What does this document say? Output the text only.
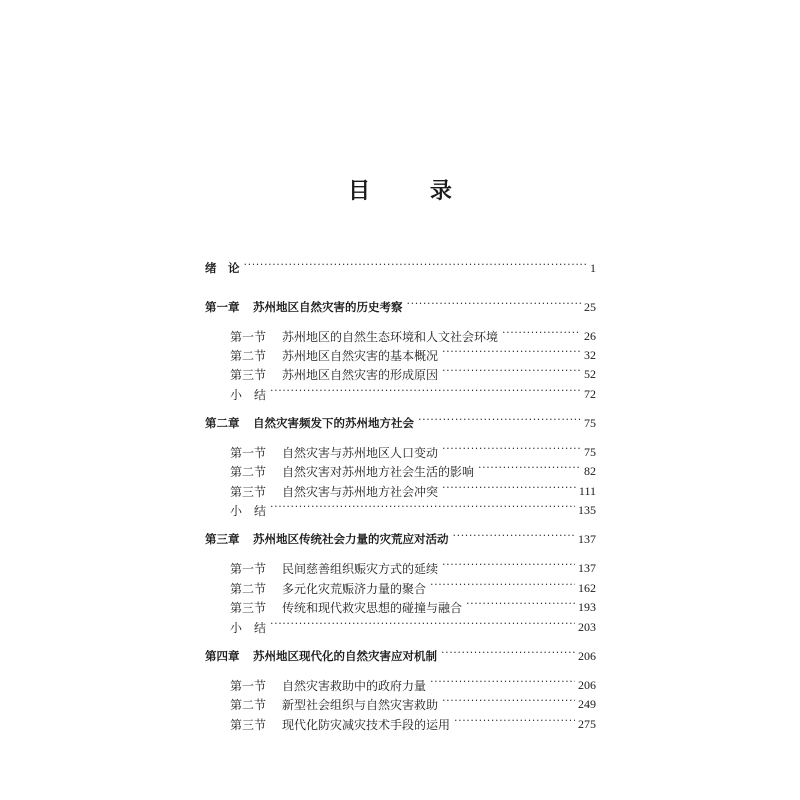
目 录
绪　论 ·····	1
第一章	苏州地区自然灾害的历史考察 ·····	25
第一节	苏州地区的自然生态环境和人文社会环境 ·····	26
第二节	苏州地区自然灾害的基本概况 ·····	32
第三节	苏州地区自然灾害的形成原因 ·····	52
小　结 ·····	72
第二章	自然灾害频发下的苏州地方社会 ·····	75
第一节	自然灾害与苏州地区人口变动 ·····	75
第二节	自然灾害对苏州地方社会生活的影响 ·····	82
第三节	自然灾害与苏州地方社会冲突 ·····	111
小　结 ·····	135
第三章	苏州地区传统社会力量的灾荒应对活动 ·····	137
第一节	民间慈善组织赈灾方式的延续 ·····	137
第二节	多元化灾荒赈济力量的聚合 ·····	162
第三节	传统和现代救灾思想的碰撞与融合 ·····	193
小　结 ·····	203
第四章	苏州地区现代化的自然灾害应对机制 ·····	206
第一节	自然灾害救助中的政府力量 ·····	206
第二节	新型社会组织与自然灾害救助 ·····	249
第三节	现代化防灾减灾技术手段的运用 ·····	275
